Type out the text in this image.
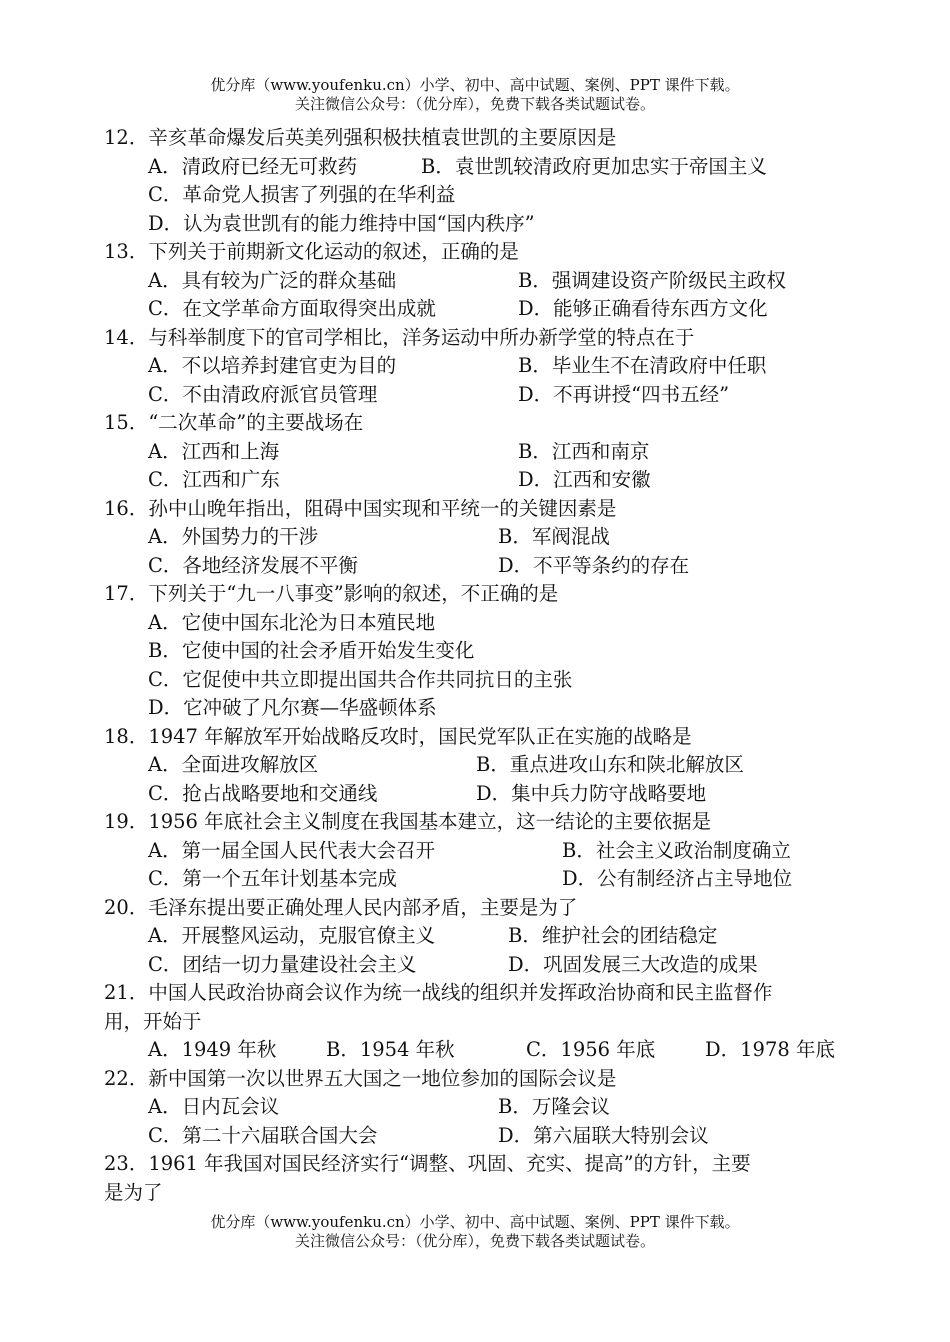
优分库（www.youfenku.cn）小学、初中、高中试题、案例、PPT 课件下载。
关注微信公众号：（优分库），免费下载各类试题试卷。
12．辛亥革命爆发后英美列强积极扶植袁世凯的主要原因是
A．清政府已经无可救药	B．袁世凯较清政府更加忠实于帝国主义
C．革命党人损害了列强的在华利益
D．认为袁世凯有的能力维持中国“国内秩序”
13．下列关于前期新文化运动的叙述，正确的是
A．具有较为广泛的群众基础	B．强调建设资产阶级民主政权
C．在文学革命方面取得突出成就	D．能够正确看待东西方文化
14．与科举制度下的官司学相比，洋务运动中所办新学堂的特点在于
A．不以培养封建官吏为目的	B．毕业生不在清政府中任职
C．不由清政府派官员管理	D．不再讲授“四书五经”
15．“二次革命”的主要战场在
A．江西和上海	B．江西和南京
C．江西和广东	D．江西和安徽
16．孙中山晚年指出，阻碍中国实现和平统一的关键因素是
A．外国势力的干涉	B．军阀混战
C．各地经济发展不平衡	D．不平等条约的存在
17．下列关于“九一八事变”影响的叙述，不正确的是
A．它使中国东北沦为日本殖民地
B．它使中国的社会矛盾开始发生变化
C．它促使中共立即提出国共合作共同抗日的主张
D．它冲破了凡尔赛—华盛顿体系
18．1947 年解放军开始战略反攻时，国民党军队正在实施的战略是
A．全面进攻解放区	B．重点进攻山东和陕北解放区
C．抢占战略要地和交通线	D．集中兵力防守战略要地
19．1956 年底社会主义制度在我国基本建立，这一结论的主要依据是
A．第一届全国人民代表大会召开	B．社会主义政治制度确立
C．第一个五年计划基本完成	D．公有制经济占主导地位
20．毛泽东提出要正确处理人民内部矛盾，主要是为了
A．开展整风运动，克服官僚主义	B．维护社会的团结稳定
C．团结一切力量建设社会主义	D．巩固发展三大改造的成果
21．中国人民政治协商会议作为统一战线的组织并发挥政治协商和民主监督作
用，开始于
A．1949 年秋	B．1954 年秋	C．1956 年底	D．1978 年底
22．新中国第一次以世界五大国之一地位参加的国际会议是
A．日内瓦会议	B．万隆会议
C．第二十六届联合国大会	D．第六届联大特别会议
23．1961 年我国对国民经济实行“调整、巩固、充实、提高”的方针，主要
是为了
优分库（www.youfenku.cn）小学、初中、高中试题、案例、PPT 课件下载。
关注微信公众号：（优分库），免费下载各类试题试卷。
